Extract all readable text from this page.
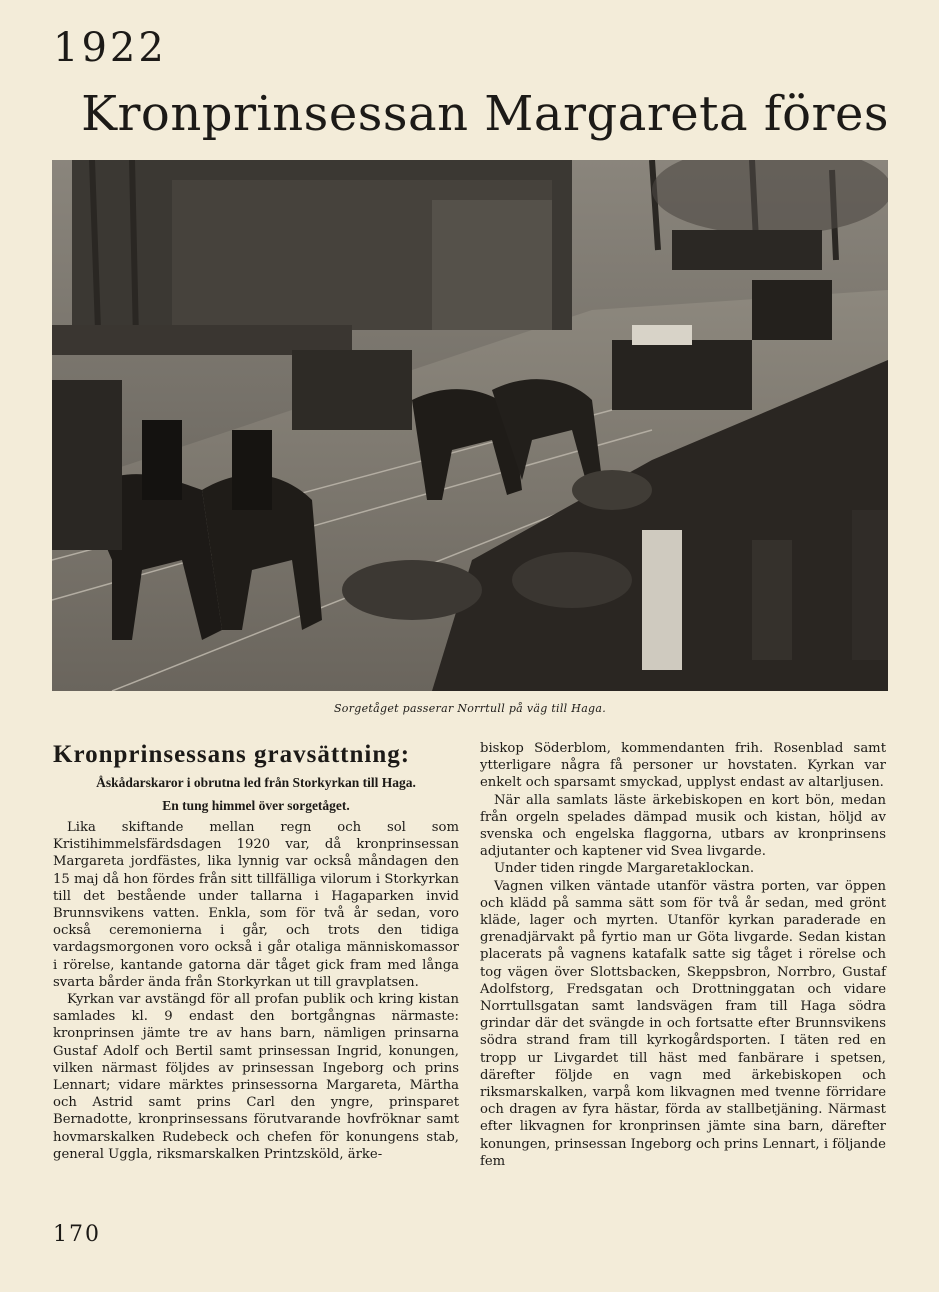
1922
Kronprinsessan Margareta föres
Sorgetåget passerar Norrtull på väg till Haga.
Kronprinsessans gravsättning:
Åskådarskaror i obrutna led från Storkyrkan till Haga.
En tung himmel över sorgetåget.

Lika skiftande mellan regn och sol som Kristihimmelsfärdsdagen 1920 var, då kronprinsessan Margareta jordfästes, lika lynnig var också måndagen den 15 maj då hon fördes från sitt tillfälliga vilorum i Storkyrkan till det bestående under tallarna i Hagaparken invid Brunnsvikens vatten. Enkla, som för två år sedan, voro också ceremonierna i går, och trots den tidiga vardagsmorgonen voro också i går otaliga människomassor i rörelse, kantande gatorna där tåget gick fram med långa svarta bårder ända från Storkyrkan ut till gravplatsen.

Kyrkan var avstängd för all profan publik och kring kistan samlades kl. 9 endast den bortgångnas närmaste: kronprinsen jämte tre av hans barn, nämligen prinsarna Gustaf Adolf och Bertil samt prinsessan Ingrid, konungen, vilken närmast följdes av prinsessan Ingeborg och prins Lennart; vidare märktes prinsessorna Margareta, Märtha och Astrid samt prins Carl den yngre, prinsparet Bernadotte, kronprinsessans förutvarande hovfröknar samt hovmarskalken Rudebeck och chefen för konungens stab, general Uggla, riksmarskalken Printzsköld, ärke-

biskop Söderblom, kommendanten frih. Rosenblad samt ytterligare några få personer ur hovstaten. Kyrkan var enkelt och sparsamt smyckad, upplyst endast av altarljusen.

När alla samlats läste ärkebiskopen en kort bön, medan från orgeln spelades dämpad musik och kistan, höljd av svenska och engelska flaggorna, utbars av kronprinsens adjutanter och kaptener vid Svea livgarde.

Under tiden ringde Margaretaklockan.

Vagnen vilken väntade utanför västra porten, var öppen och klädd på samma sätt som för två år sedan, med grönt kläde, lager och myrten. Utanför kyrkan paraderade en grenadjärvakt på fyrtio man ur Göta livgarde. Sedan kistan placerats på vagnens katafalk satte sig tåget i rörelse och tog vägen över Slottsbacken, Skeppsbron, Norrbro, Gustaf Adolfstorg, Fredsgatan och Drottninggatan och vidare Norrtullsgatan samt landsvägen fram till Haga södra grindar där det svängde in och fortsatte efter Brunnsvikens södra strand fram till kyrkogårdsporten. I täten red en tropp ur Livgardet till häst med fanbärare i spetsen, därefter följde en vagn med ärkebiskopen och riksmarskalken, varpå kom likvagnen med tvenne förridare och dragen av fyra hästar, förda av stallbetjäning. Närmast efter likvagnen for kronprinsen jämte sina barn, därefter konungen, prinsessan Ingeborg och prins Lennart, i följande fem

170
